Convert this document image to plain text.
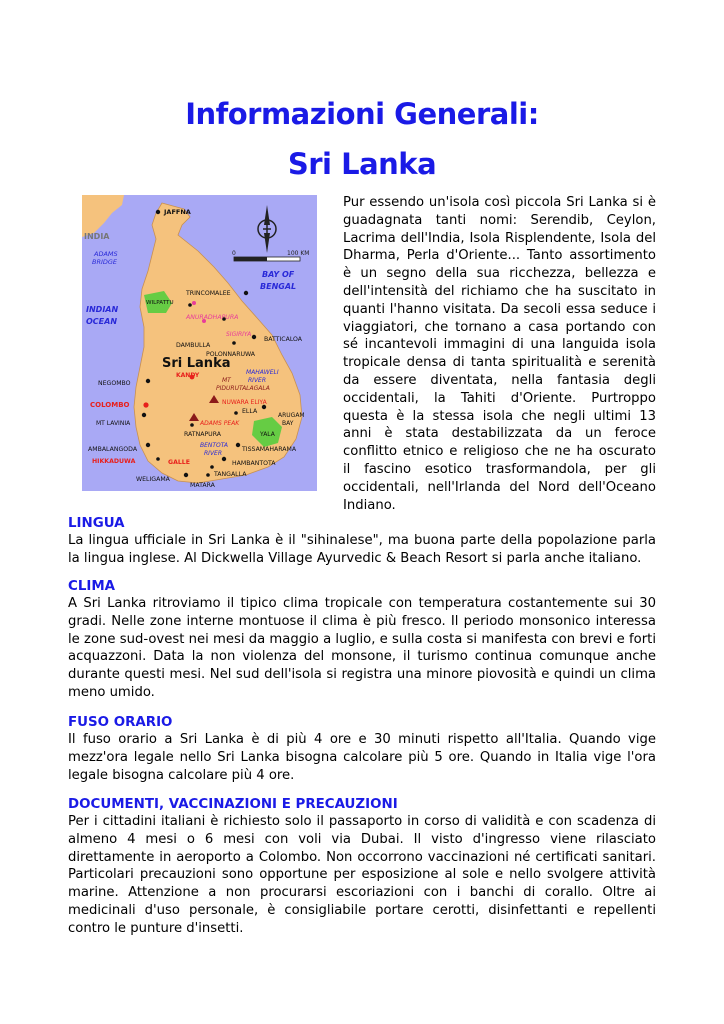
Informazioni Generali:
Sri Lanka
0	100 KM
INDIA
ADAMS
BRIDGE
INDIAN
OCEAN
BAY OF
BENGAL
Sri Lanka
JAFFNA
TRINCOMALEE
WILPATTU
ANURADHAPURA
SIGIRIYA
DAMBULLA
BATTICALOA
POLONNARUWA
KANDY	MAHAWELI
RIVER
MT
PIDURUTALAGALA
NEGOMBO
COLOMBO	NUWARA ELIYA
ELLA
MT LAVINIA	ADAMS PEAK
ARUGAM
BAY
YALA
RATNAPURA
BENTOTA
RIVER
AMBALANGODA	TISSAMAHARAMA
HIKKADUWA	GALLE	HAMBANTOTA
TANGALLA
WELIGAMA
MATARA

Pur essendo un'isola così piccola Sri Lanka si è guadagnata tanti nomi: Serendib, Ceylon, Lacrima dell'India, Isola Risplendente, Isola del Dharma, Perla d'Oriente... Tanto assortimento è un segno della sua ricchezza, bellezza e dell'intensità del richiamo che ha suscitato in quanti l'hanno visitata. Da secoli essa seduce i viaggiatori, che tornano a casa portando con sé incantevoli immagini di una languida isola tropicale densa di tanta spiritualità e serenità da essere diventata, nella fantasia degli occidentali, la Tahiti d'Oriente. Purtroppo questa è la stessa isola che negli ultimi 13 anni è stata destabilizzata da un feroce conflitto etnico e religioso che ne ha oscurato il fascino esotico trasformandola, per gli occidentali, nell'Irlanda del Nord dell'Oceano Indiano.

LINGUA

La lingua ufficiale in Sri Lanka è il "sihinalese", ma buona parte della popolazione parla la lingua inglese. Al Dickwella Village Ayurvedic & Beach Resort si parla anche italiano.

CLIMA

A Sri Lanka ritroviamo il tipico clima tropicale con temperatura costantemente sui 30 gradi. Nelle zone interne montuose il clima è più fresco. Il periodo monsonico interessa le zone sud-ovest nei mesi da maggio a luglio, e sulla costa si manifesta con brevi e forti acquazzoni. Data la non violenza del monsone, il turismo continua comunque anche durante questi mesi. Nel sud dell'isola si registra una minore piovosità e quindi un clima meno umido.

FUSO ORARIO

Il fuso orario a Sri Lanka è di più 4 ore e 30 minuti rispetto all'Italia. Quando vige mezz'ora legale nello Sri Lanka bisogna calcolare più 5 ore. Quando in Italia vige l'ora legale bisogna calcolare più 4 ore.

DOCUMENTI, VACCINAZIONI E PRECAUZIONI

Per i cittadini italiani è richiesto solo il passaporto in corso di validità e con scadenza di almeno 4 mesi o 6 mesi con voli via Dubai. Il visto d'ingresso viene rilasciato direttamente in aeroporto a Colombo. Non occorrono vaccinazioni né certificati sanitari. Particolari precauzioni sono opportune per esposizione al sole e nello svolgere attività marine. Attenzione a non procurarsi escoriazioni con i banchi di corallo. Oltre ai medicinali d'uso personale, è consigliabile portare cerotti, disinfettanti e repellenti contro le punture d'insetti.
